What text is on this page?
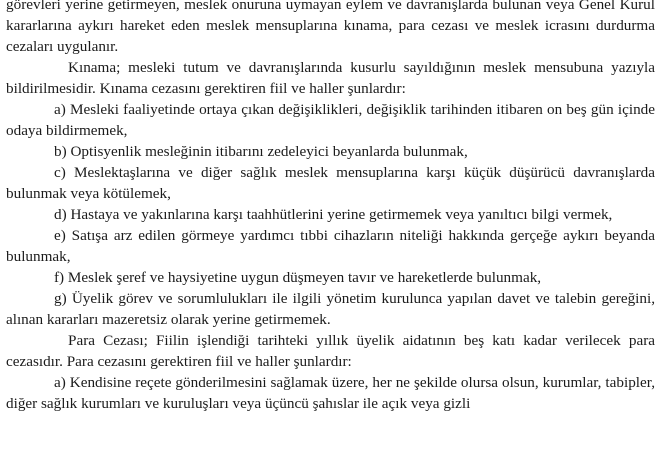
görevleri yerine getirmeyen, meslek onuruna uymayan eylem ve davranışlarda bulunan veya Genel Kurul kararlarına aykırı hareket eden meslek mensuplarına kınama, para cezası ve meslek icrasını durdurma cezaları uygulanır.

Kınama; mesleki tutum ve davranışlarında kusurlu sayıldığının meslek mensubuna yazıyla bildirilmesidir. Kınama cezasını gerektiren fiil ve haller şunlardır:

a) Mesleki faaliyetinde ortaya çıkan değişiklikleri, değişiklik tarihinden itibaren on beş gün içinde odaya bildirmemek,

b) Optisyenlik mesleğinin itibarını zedeleyici beyanlarda bulunmak,

c) Meslektaşlarına ve diğer sağlık meslek mensuplarına karşı küçük düşürücü davranışlarda bulunmak veya kötülemek,

d) Hastaya ve yakınlarına karşı taahhütlerini yerine getirmemek veya yanıltıcı bilgi vermek,

e) Satışa arz edilen görmeye yardımcı tıbbi cihazların niteliği hakkında gerçeğe aykırı beyanda bulunmak,

f) Meslek şeref ve haysiyetine uygun düşmeyen tavır ve hareketlerde bulunmak,

g) Üyelik görev ve sorumlulukları ile ilgili yönetim kurulunca yapılan davet ve talebin gereğini, alınan kararları mazeretsiz olarak yerine getirmemek.

Para Cezası; Fiilin işlendiği tarihteki yıllık üyelik aidatının beş katı kadar verilecek para cezasıdır. Para cezasını gerektiren fiil ve haller şunlardır:

a) Kendisine reçete gönderilmesini sağlamak üzere, her ne şekilde olursa olsun, kurumlar, tabipler, diğer sağlık kurumları ve kuruluşları veya üçüncü şahıslar ile açık veya gizli
